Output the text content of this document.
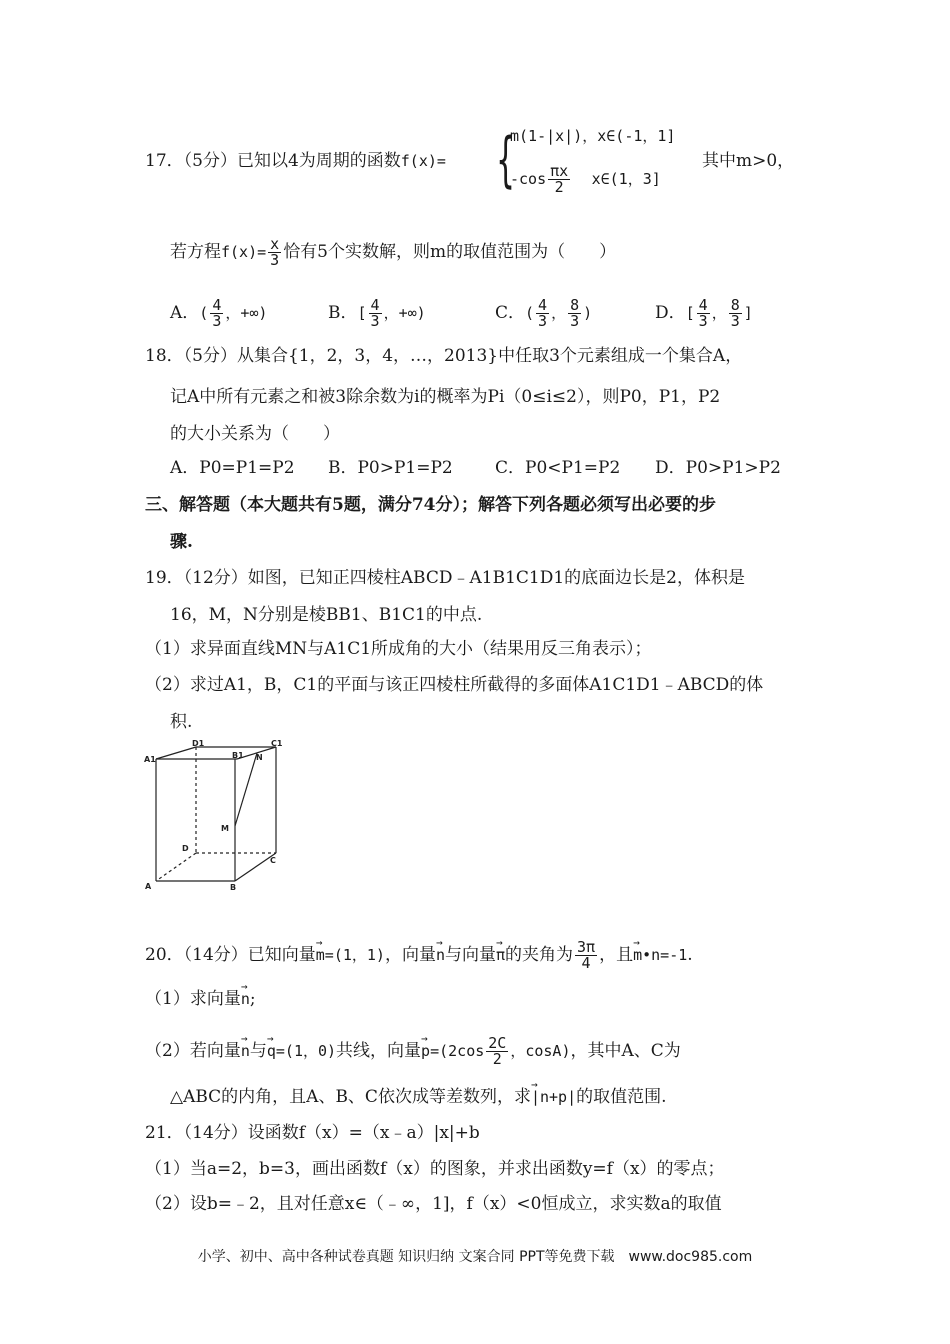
17．（5分）已知以4为周期的函数f(x)= {
m(1-|x|)，x∈(-1，1]
$-\cos \frac{\pi x}{2}$ x∈(1，3]
其中m>0，
若方程$f(x)= \frac{x}{3}$ 恰有5个实数解，则m的取值范围为（　　）
A．( $\frac{4}{3}$ ，+∞)	B．[ $\frac{4}{3}$ ，+∞)	C．( $\frac{4}{3}$ ， $\frac{8}{3}$ )	D．[ $\frac{4}{3}$ ， $\frac{8}{3}$ ]
18．（5分）从集合{1，2，3，4，…，2013}中任取3个元素组成一个集合A，
记A中所有元素之和被3除余数为i的概率为Pi（0≤i≤2），则P0，P1，P2
的大小关系为（　　）
A．P0=P1=P2 B．P0>P1=P2 C．P0<P1=P2 D．P0>P1>P2
三、解答题（本大题共有5题，满分74分）；解答下列各题必须写出必要的步
骤.
19．（12分）如图，已知正四棱柱ABCD﹣A1B1C1D1的底面边长是2，体积是
16，M，N分别是棱BB1、B1C1的中点.
（1）求异面直线MN与A1C1所成角的大小（结果用反三角表示）；
（2）求过A1，B，C1的平面与该正四棱柱所截得的多面体A1C1D1﹣ABCD的体
积.
D1	C1
A1	B1 N
M
D
C
A	B
20．（14分）已知向量→ m=(1，1)，向量→ n与向量→ π的夹角为 $\frac{3\pi}{4}$ ，且→ m•n=-1.
（1）求向量→ n;
（2）若向量→ n与→ q=(1，0)共线，向量→ $p=(2\cos \frac{2C}{2}$ ，cosA)，其中A、C为
△ABC的内角，且A、B、C依次成等差数列，求→ |n+p|的取值范围.
21．（14分）设函数f（x）=（x﹣a）|x|+b
（1）当a=2，b=3，画出函数f（x）的图象，并求出函数y=f（x）的零点；
（2）设b=﹣2，且对任意x∈（﹣∞，1]，f（x）<0恒成立，求实数a的取值
小学、初中、高中各种试卷真题 知识归纳 文案合同 PPT等免费下载　www.doc985.com
